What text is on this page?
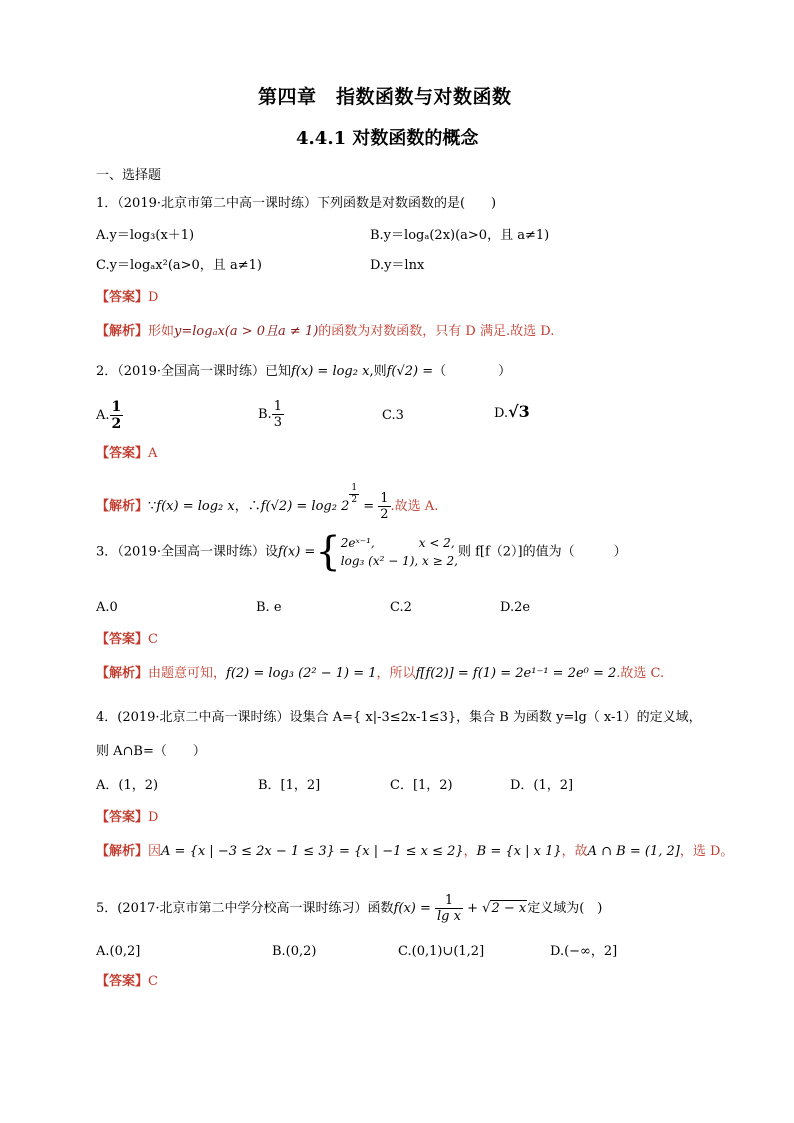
第四章　指数函数与对数函数
4.4.1 对数函数的概念
一、选择题
1．（2019·北京市第二中高一课时练）下列函数是对数函数的是(　　)
A.y＝log₃(x＋1)	B.y＝logₐ(2x)(a>0，且 a≠1)
C.y＝logₐx²(a>0，且 a≠1)	D.y＝lnx
【答案】D
【解析】形如y=logₐx(a > 0且a ≠ 1)的函数为对数函数，只有 D 满足.故选 D.
2．（2019·全国高一课时练）已知f(x) = log₂ x,则f(√2) =（　　　　）
A. $\frac{1}{2}$	B. $\frac{1}{3}$	C.3	D.√3
【答案】A
【解析】∵f(x) = log₂ x，∴f(√2) = log₂ 2
$\frac{1}{2}$
= $\frac{1}{2}$ .故选 A.
3．（2019·全国高一课时练）设f(x) ={ 2eˣ⁻¹,	x < 2,
log₃ (x² − 1), x ≥ 2,
则 f[f（2）]的值为（　　　）
A.0	B. e	C.2	D.2e
【答案】C
【解析】由题意可知，f(2) = log₃ (2² − 1) = 1，所以f[f(2)] = f(1) = 2e¹⁻¹ = 2e⁰ = 2.故选 C.
4．(2019·北京二中高一课时练）设集合 A={ x|-3≤2x-1≤3}，集合 B 为函数 y=lg（ x-1）的定义域，
则 A∩B=（　　）
A．(1，2)	B．[1，2]	C．[1，2)	D．(1，2]
【答案】D
【解析】因A = {x | −3 ≤ 2x − 1 ≤ 3} = {x | −1 ≤ x ≤ 2}，B = {x | x 1}，故A ∩ B = (1, 2]，选 D。
5．(2017·北京市第二中学分校高一课时练习）函数$f(x) = \frac{1}{\text{lg x}} + √2 - x$定义域为(　)
A.(0,2]	B.(0,2)	C.(0,1)∪(1,2]	D.(−∞，2]
【答案】C
